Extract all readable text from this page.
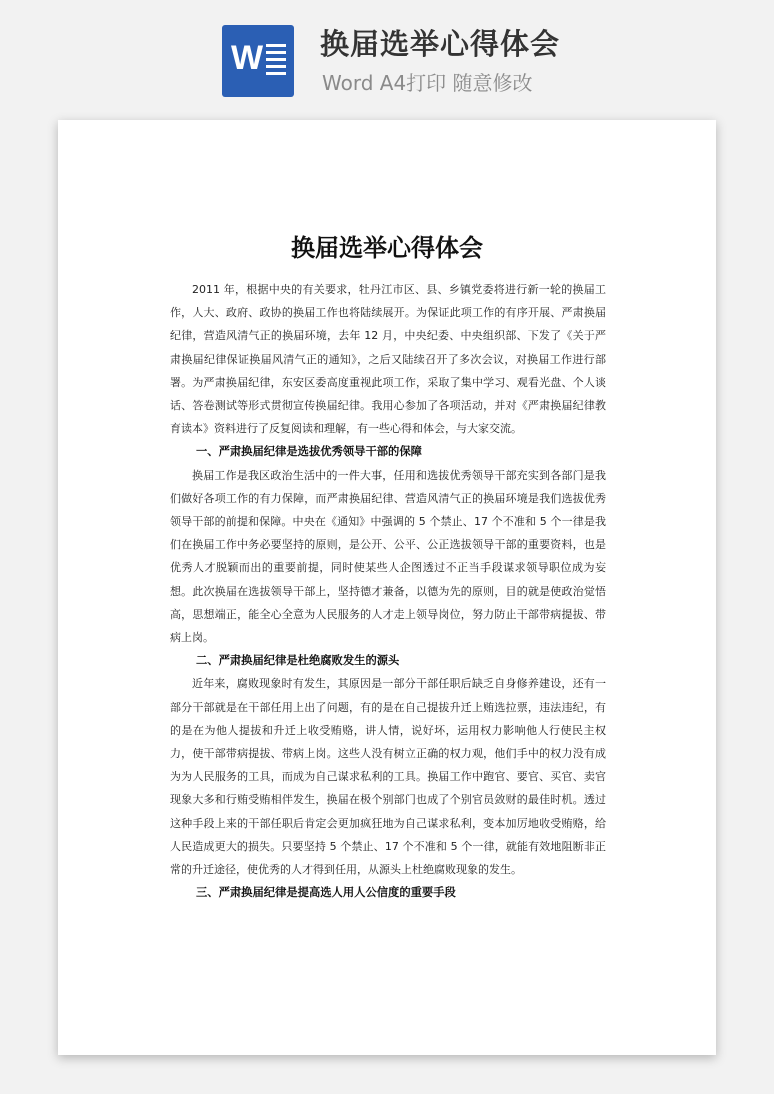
W 换届选举心得体会
Word A4打印 随意修改
换届选举心得体会

2011 年，根据中央的有关要求，牡丹江市区、县、乡镇党委将进行新一轮的换届工作，人大、政府、政协的换届工作也将陆续展开。为保证此项工作的有序开展、严肃换届纪律，营造风清气正的换届环境，去年 12 月，中央纪委、中央组织部、下发了《关于严肃换届纪律保证换届风清气正的通知》，之后又陆续召开了多次会议，对换届工作进行部署。为严肃换届纪律，东安区委高度重视此项工作，采取了集中学习、观看光盘、个人谈话、答卷测试等形式贯彻宣传换届纪律。我用心参加了各项活动，并对《严肃换届纪律教育读本》资料进行了反复阅读和理解，有一些心得和体会，与大家交流。

一、严肃换届纪律是选拔优秀领导干部的保障

换届工作是我区政治生活中的一件大事，任用和选拔优秀领导干部充实到各部门是我们做好各项工作的有力保障，而严肃换届纪律、营造风清气正的换届环境是我们选拔优秀领导干部的前提和保障。中央在《通知》中强调的 5 个禁止、17 个不准和 5 个一律是我们在换届工作中务必要坚持的原则，是公开、公平、公正选拔领导干部的重要资料，也是优秀人才脱颖而出的重要前提，同时使某些人企图透过不正当手段谋求领导职位成为妄想。此次换届在选拔领导干部上，坚持德才兼备，以德为先的原则，目的就是使政治觉悟高，思想端正，能全心全意为人民服务的人才走上领导岗位，努力防止干部带病提拔、带病上岗。

二、严肃换届纪律是杜绝腐败发生的源头

近年来，腐败现象时有发生，其原因是一部分干部任职后缺乏自身修养建设，还有一部分干部就是在干部任用上出了问题，有的是在自己提拔升迁上贿选拉票，违法违纪，有的是在为他人提拔和升迁上收受贿赂，讲人情，说好坏，运用权力影响他人行使民主权力，使干部带病提拔、带病上岗。这些人没有树立正确的权力观，他们手中的权力没有成为为人民服务的工具，而成为自己谋求私利的工具。换届工作中跑官、要官、买官、卖官现象大多和行贿受贿相伴发生，换届在极个别部门也成了个别官员敛财的最佳时机。透过这种手段上来的干部任职后肯定会更加疯狂地为自己谋求私利，变本加厉地收受贿赂，给人民造成更大的损失。只要坚持 5 个禁止、17 个不准和 5 个一律，就能有效地阻断非正常的升迁途径，使优秀的人才得到任用，从源头上杜绝腐败现象的发生。

三、严肃换届纪律是提高选人用人公信度的重要手段
